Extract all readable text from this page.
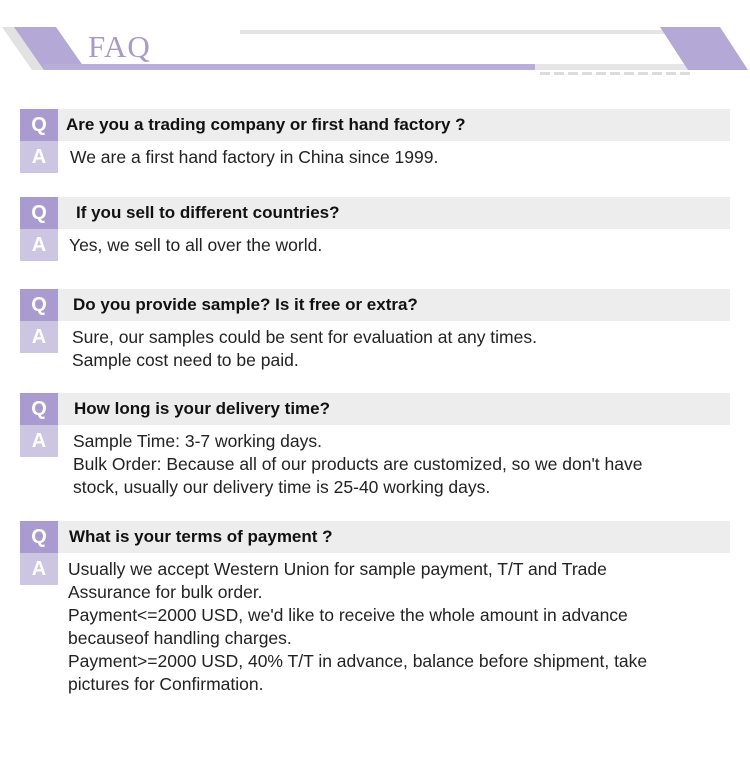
FAQ
Q	Are you a trading company or first hand factory ?
A	We are a first hand factory in China since 1999.
Q	If you sell to different countries?
A	Yes, we sell to all over the world.
Q	Do you provide sample? Is it free or extra?
A	Sure, our samples could be sent for evaluation at any times.
Sample cost need to be paid.
Q	How long is your delivery time?
A	Sample Time: 3-7 working days.
Bulk Order: Because all of our products are customized, so we don't have
stock, usually our delivery time is 25-40 working days.
Q	What is your terms of payment ?
A	Usually we accept Western Union for sample payment, T/T and Trade
Assurance for bulk order.
Payment<=2000 USD, we'd like to receive the whole amount in advance
becauseof handling charges.
Payment>=2000 USD, 40% T/T in advance, balance before shipment, take
pictures for Confirmation.
